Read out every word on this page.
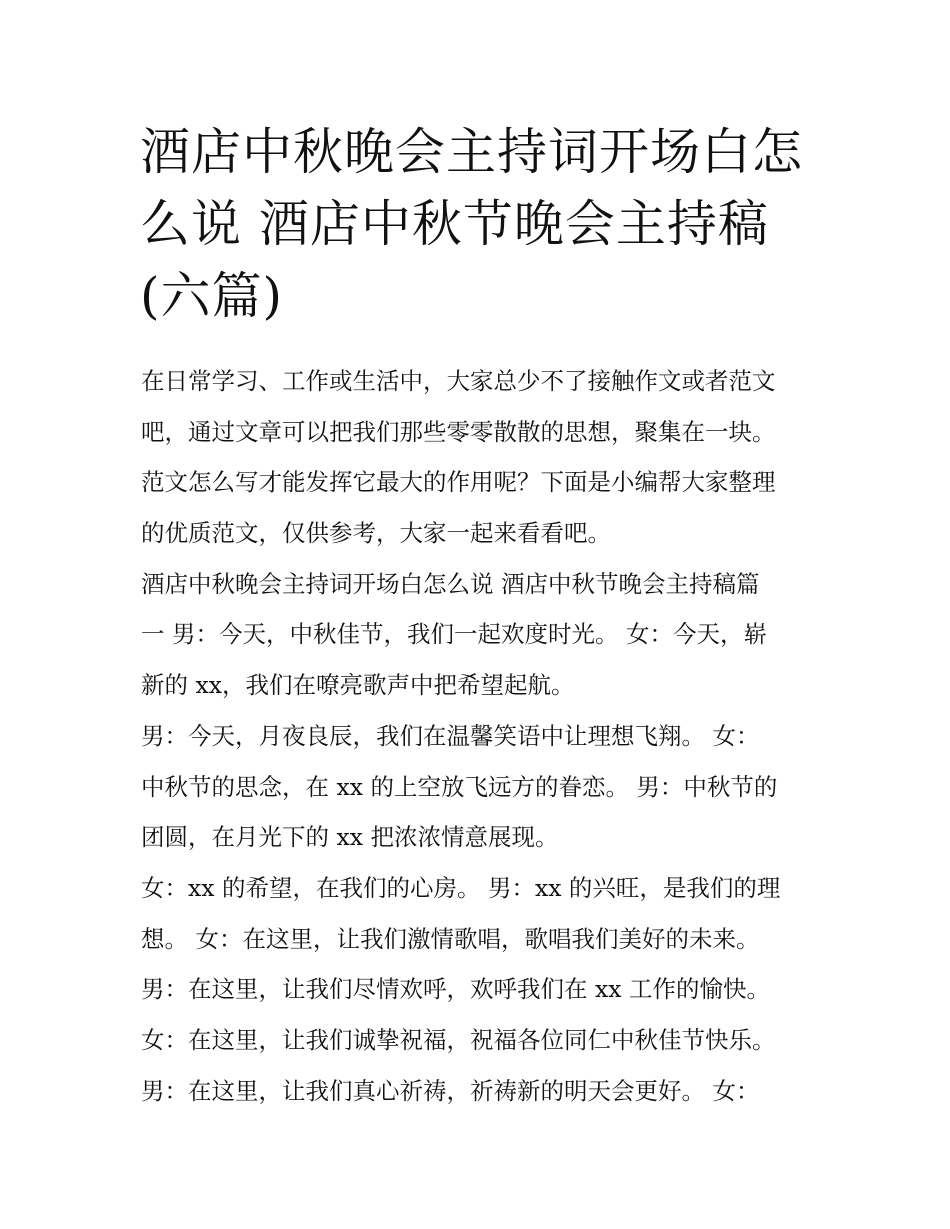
酒店中秋晚会主持词开场白怎
么说 酒店中秋节晚会主持稿
(六篇)
在日常学习、工作或生活中，大家总少不了接触作文或者范文
吧，通过文章可以把我们那些零零散散的思想，聚集在一块。
范文怎么写才能发挥它最大的作用呢？下面是小编帮大家整理
的优质范文，仅供参考，大家一起来看看吧。
酒店中秋晚会主持词开场白怎么说 酒店中秋节晚会主持稿篇
一 男：今天，中秋佳节，我们一起欢度时光。 女：今天，崭
新的 xx，我们在嘹亮歌声中把希望起航。
男：今天，月夜良辰，我们在温馨笑语中让理想飞翔。 女：
中秋节的思念，在 xx 的上空放飞远方的眷恋。 男：中秋节的
团圆，在月光下的 xx 把浓浓情意展现。
女：xx 的希望，在我们的心房。 男：xx 的兴旺，是我们的理
想。 女：在这里，让我们激情歌唱，歌唱我们美好的未来。
男：在这里，让我们尽情欢呼，欢呼我们在 xx 工作的愉快。
女：在这里，让我们诚挚祝福，祝福各位同仁中秋佳节快乐。
男：在这里，让我们真心祈祷，祈祷新的明天会更好。 女：
